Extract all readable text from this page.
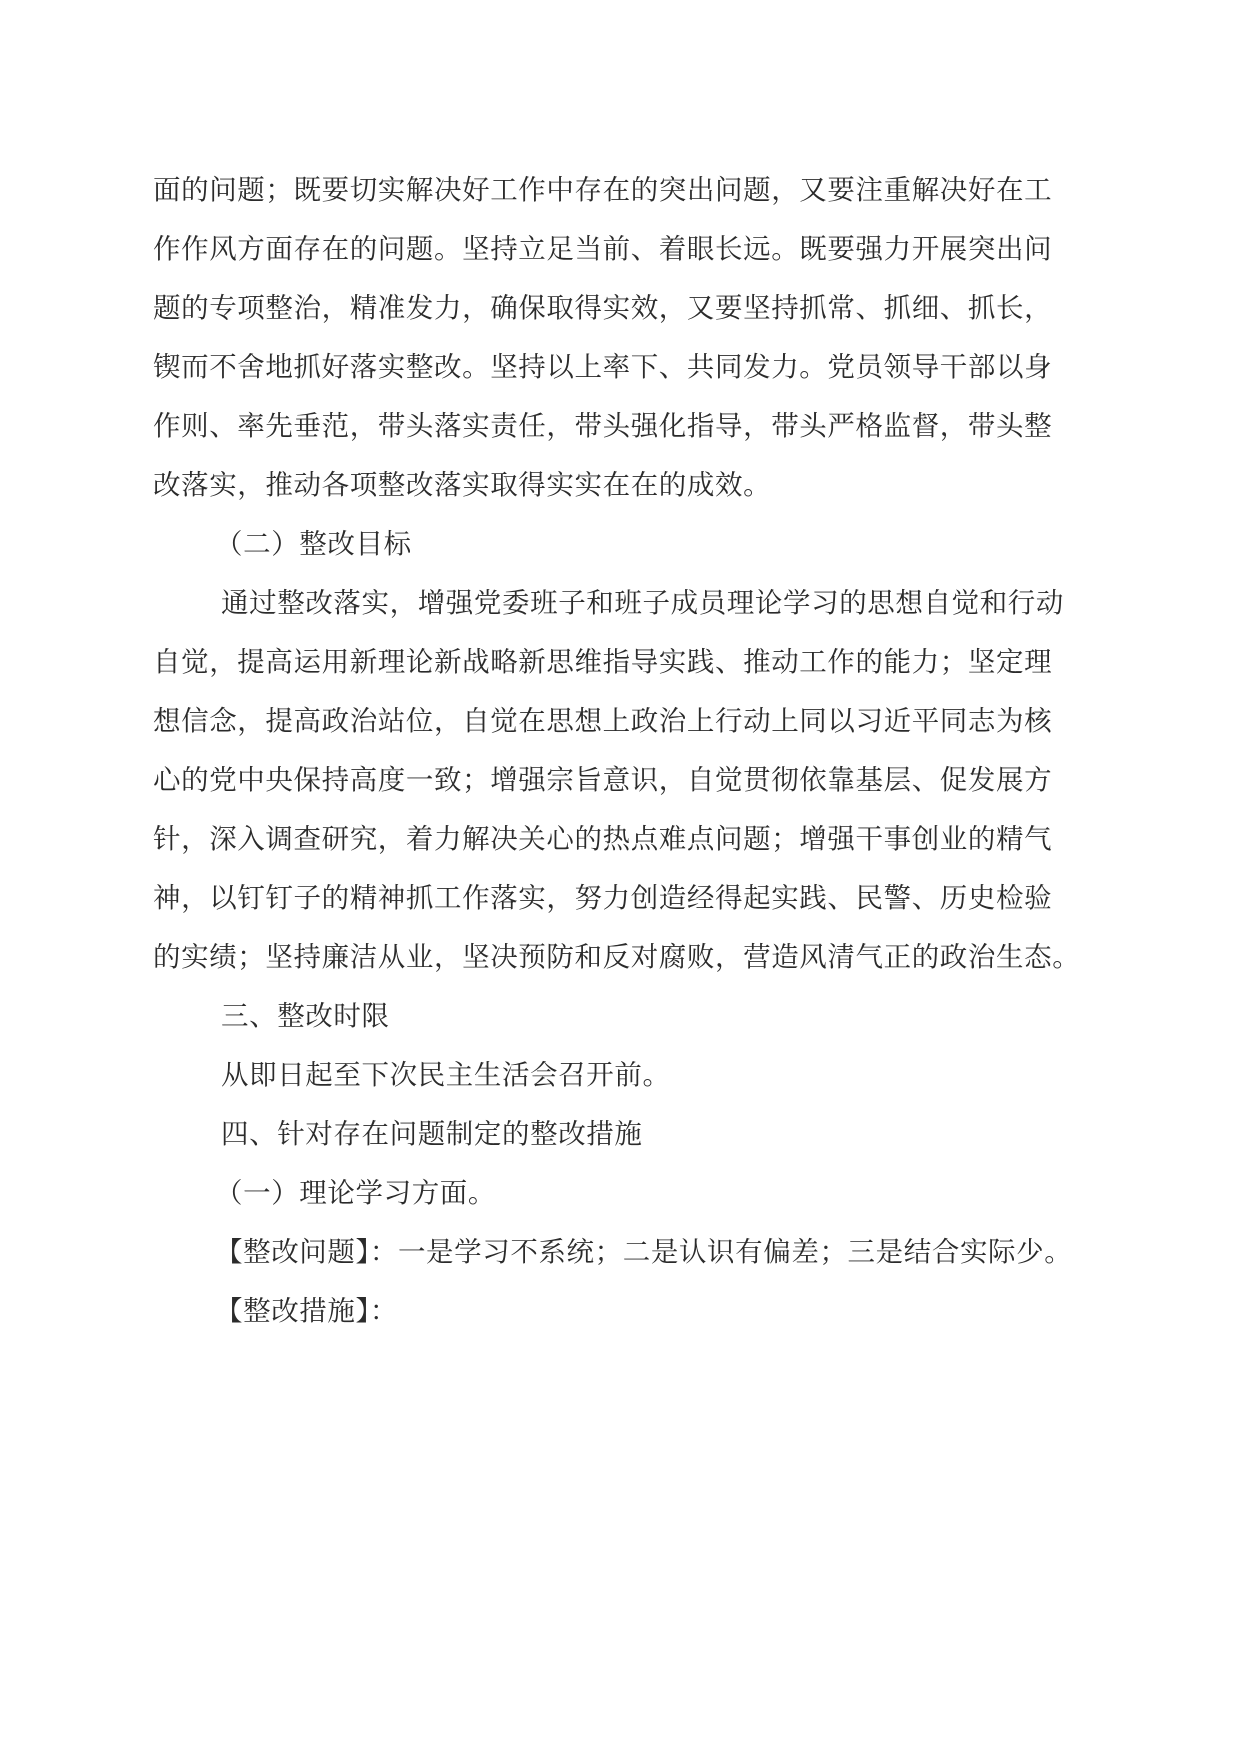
面的问题；既要切实解决好工作中存在的突出问题，又要注重解决好在工
作作风方面存在的问题。坚持立足当前、着眼长远。既要强力开展突出问
题的专项整治，精准发力，确保取得实效，又要坚持抓常、抓细、抓长，
锲而不舍地抓好落实整改。坚持以上率下、共同发力。党员领导干部以身
作则、率先垂范，带头落实责任，带头强化指导，带头严格监督，带头整
改落实，推动各项整改落实取得实实在在的成效。
（二）整改目标
通过整改落实，增强党委班子和班子成员理论学习的思想自觉和行动
自觉，提高运用新理论新战略新思维指导实践、推动工作的能力；坚定理
想信念，提高政治站位，自觉在思想上政治上行动上同以习近平同志为核
心的党中央保持高度一致；增强宗旨意识，自觉贯彻依靠基层、促发展方
针，深入调查研究，着力解决关心的热点难点问题；增强干事创业的精气
神，以钉钉子的精神抓工作落实，努力创造经得起实践、民警、历史检验
的实绩；坚持廉洁从业，坚决预防和反对腐败，营造风清气正的政治生态。
三、整改时限
从即日起至下次民主生活会召开前。
四、针对存在问题制定的整改措施
（一）理论学习方面。
【整改问题】：一是学习不系统；二是认识有偏差；三是结合实际少。
【整改措施】：
